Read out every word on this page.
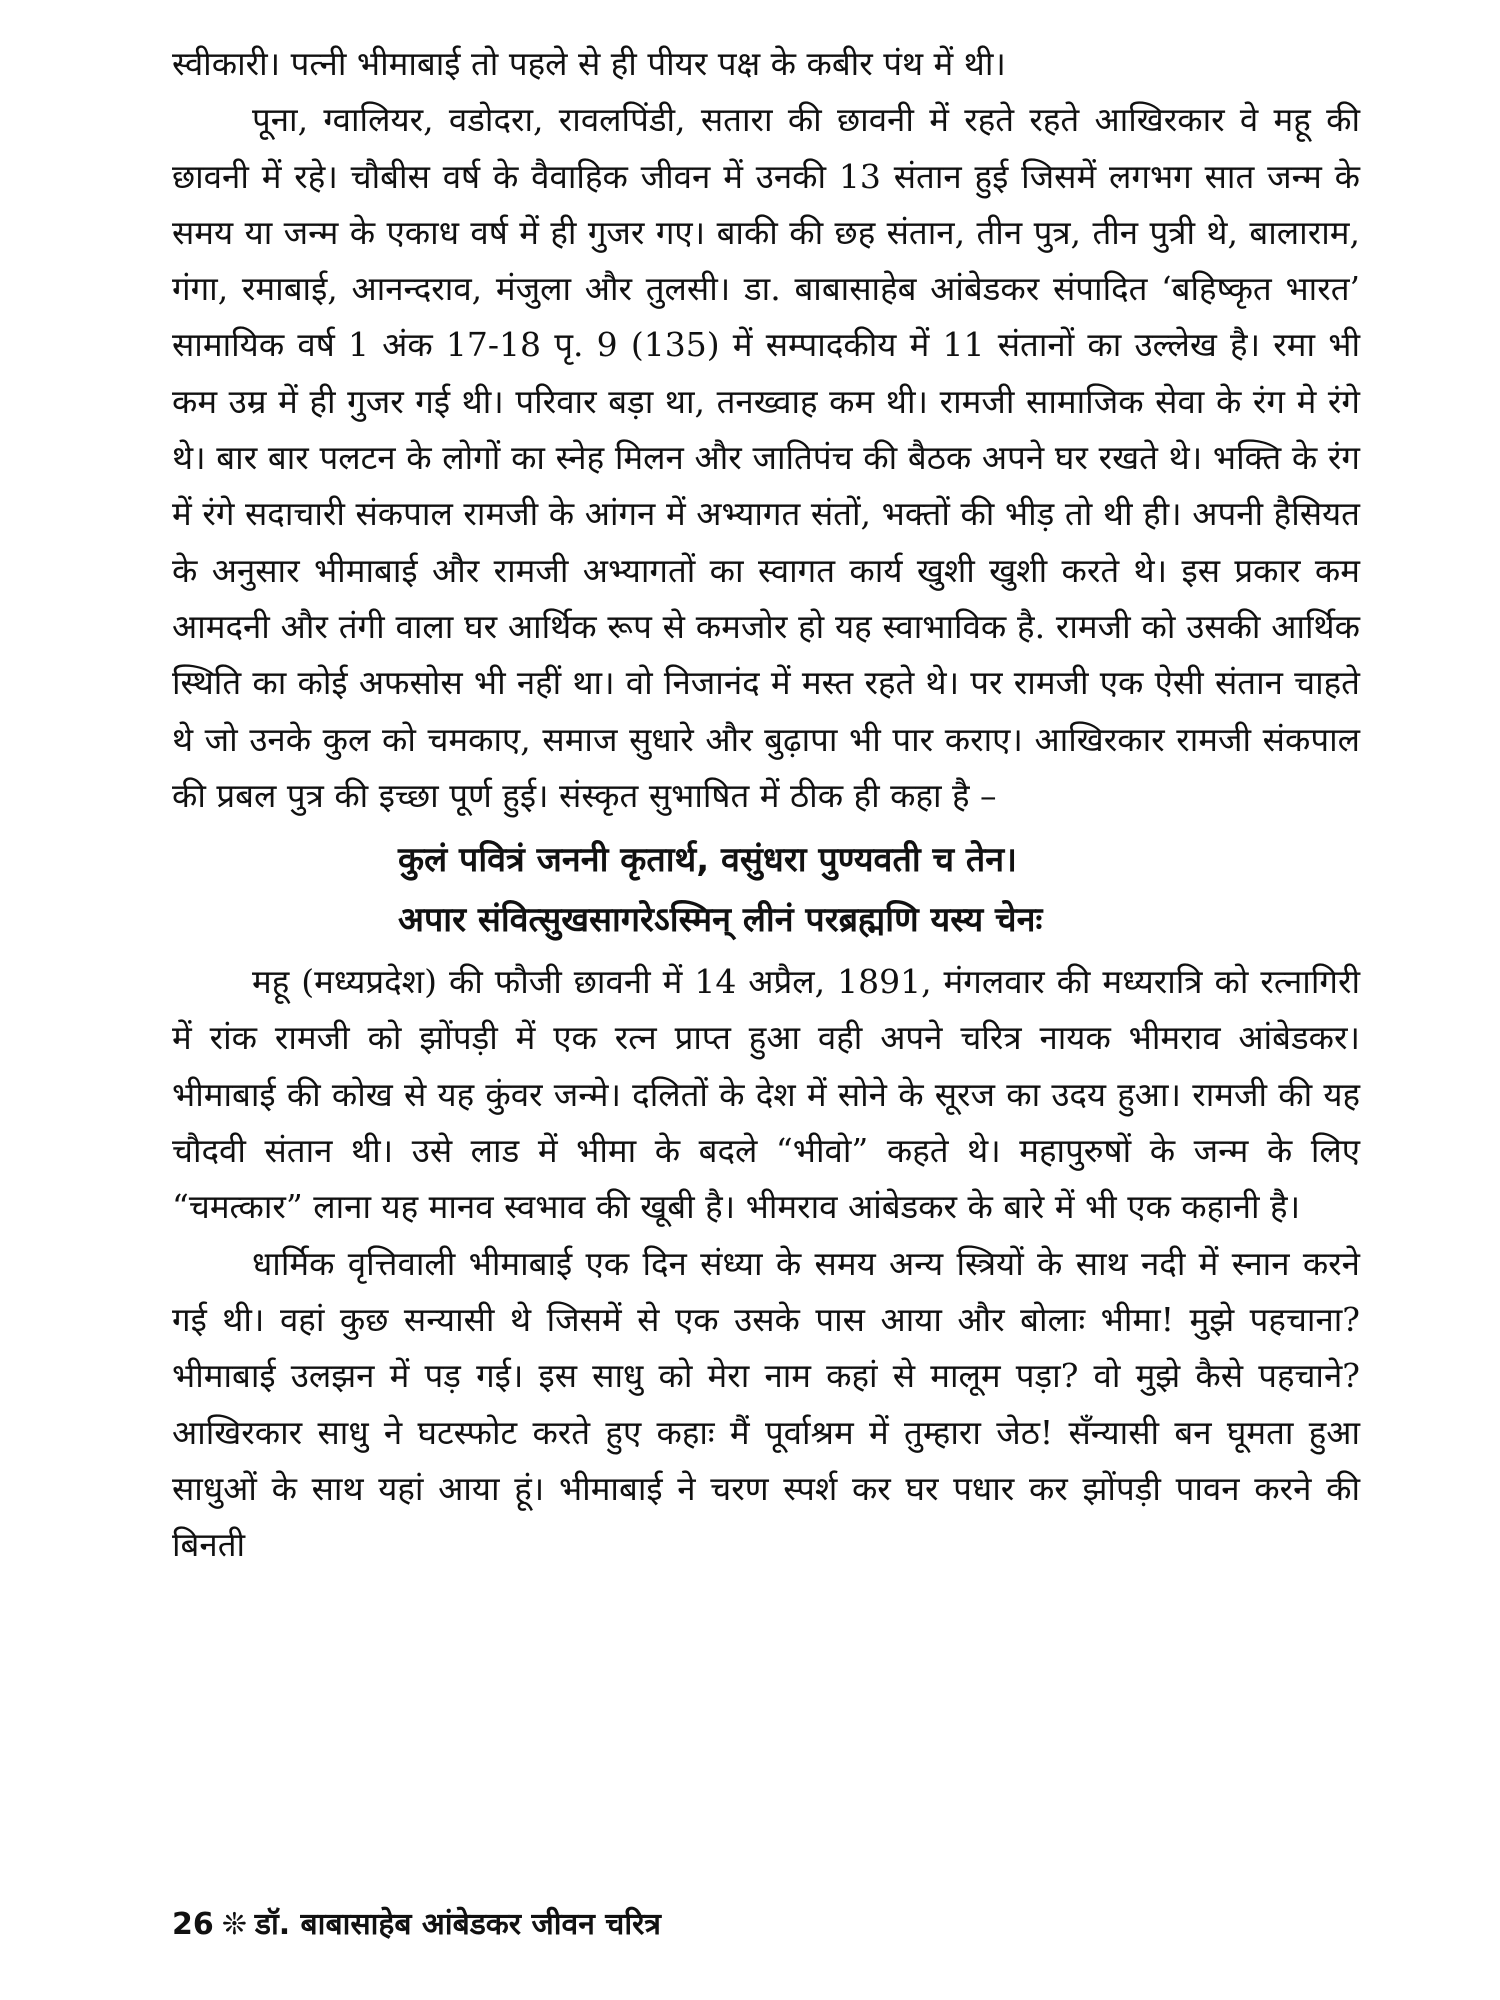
स्वीकारी। पत्नी भीमाबाई तो पहले से ही पीयर पक्ष के कबीर पंथ में थी।

पूना, ग्वालियर, वडोदरा, रावलपिंडी, सतारा की छावनी में रहते रहते आखिरकार वे महू की छावनी में रहे। चौबीस वर्ष के वैवाहिक जीवन में उनकी 13 संतान हुई जिसमें लगभग सात जन्म के समय या जन्म के एकाध वर्ष में ही गुजर गए। बाकी की छह संतान, तीन पुत्र, तीन पुत्री थे, बालाराम, गंगा, रमाबाई, आनन्दराव, मंजुला और तुलसी। डा. बाबासाहेब आंबेडकर संपादित ‘बहिष्कृत भारत’ सामायिक वर्ष 1 अंक 17-18 पृ. 9 (135) में सम्पादकीय में 11 संतानों का उल्लेख है। रमा भी कम उम्र में ही गुजर गई थी। परिवार बड़ा था, तनख्वाह कम थी। रामजी सामाजिक सेवा के रंग मे रंगे थे। बार बार पलटन के लोगों का स्नेह मिलन और जातिपंच की बैठक अपने घर रखते थे। भक्ति के रंग में रंगे सदाचारी संकपाल रामजी के आंगन में अभ्यागत संतों, भक्तों की भीड़ तो थी ही। अपनी हैसियत के अनुसार भीमाबाई और रामजी अभ्यागतों का स्वागत कार्य खुशी खुशी करते थे। इस प्रकार कम आमदनी और तंगी वाला घर आर्थिक रूप से कमजोर हो यह स्वाभाविक है. रामजी को उसकी आर्थिक स्थिति का कोई अफसोस भी नहीं था। वो निजानंद में मस्त रहते थे। पर रामजी एक ऐसी संतान चाहते थे जो उनके कुल को चमकाए, समाज सुधारे और बुढ़ापा भी पार कराए। आखिरकार रामजी संकपाल की प्रबल पुत्र की इच्छा पूर्ण हुई। संस्कृत सुभाषित में ठीक ही कहा है –

कुलं पवित्रं जननी कृतार्थ, वसुंधरा पुण्यवती च तेन।
अपार संवित्सुखसागरेऽस्मिन् लीनं परब्रह्मणि यस्य चेनः

महू (मध्यप्रदेश) की फौजी छावनी में 14 अप्रैल, 1891, मंगलवार की मध्यरात्रि को रत्नागिरी में रांक रामजी को झोंपड़ी में एक रत्न प्राप्त हुआ वही अपने चरित्र नायक भीमराव आंबेडकर। भीमाबाई की कोख से यह कुंवर जन्मे। दलितों के देश में सोने के सूरज का उदय हुआ। रामजी की यह चौदवी संतान थी। उसे लाड में भीमा के बदले “भीवो” कहते थे। महापुरुषों के जन्म के लिए “चमत्कार” लाना यह मानव स्वभाव की खूबी है। भीमराव आंबेडकर के बारे में भी एक कहानी है।

धार्मिक वृत्तिवाली भीमाबाई एक दिन संध्या के समय अन्य स्त्रियों के साथ नदी में स्नान करने गई थी। वहां कुछ सन्यासी थे जिसमें से एक उसके पास आया और बोलाः भीमा! मुझे पहचाना? भीमाबाई उलझन में पड़ गई। इस साधु को मेरा नाम कहां से मालूम पड़ा? वो मुझे कैसे पहचाने? आखिरकार साधु ने घटस्फोट करते हुए कहाः मैं पूर्वाश्रम में तुम्हारा जेठ! सँन्यासी बन घूमता हुआ साधुओं के साथ यहां आया हूं। भीमाबाई ने चरण स्पर्श कर घर पधार कर झोंपड़ी पावन करने की बिनती

26 ❊ डॉ. बाबासाहेब आंबेडकर जीवन चरित्र
